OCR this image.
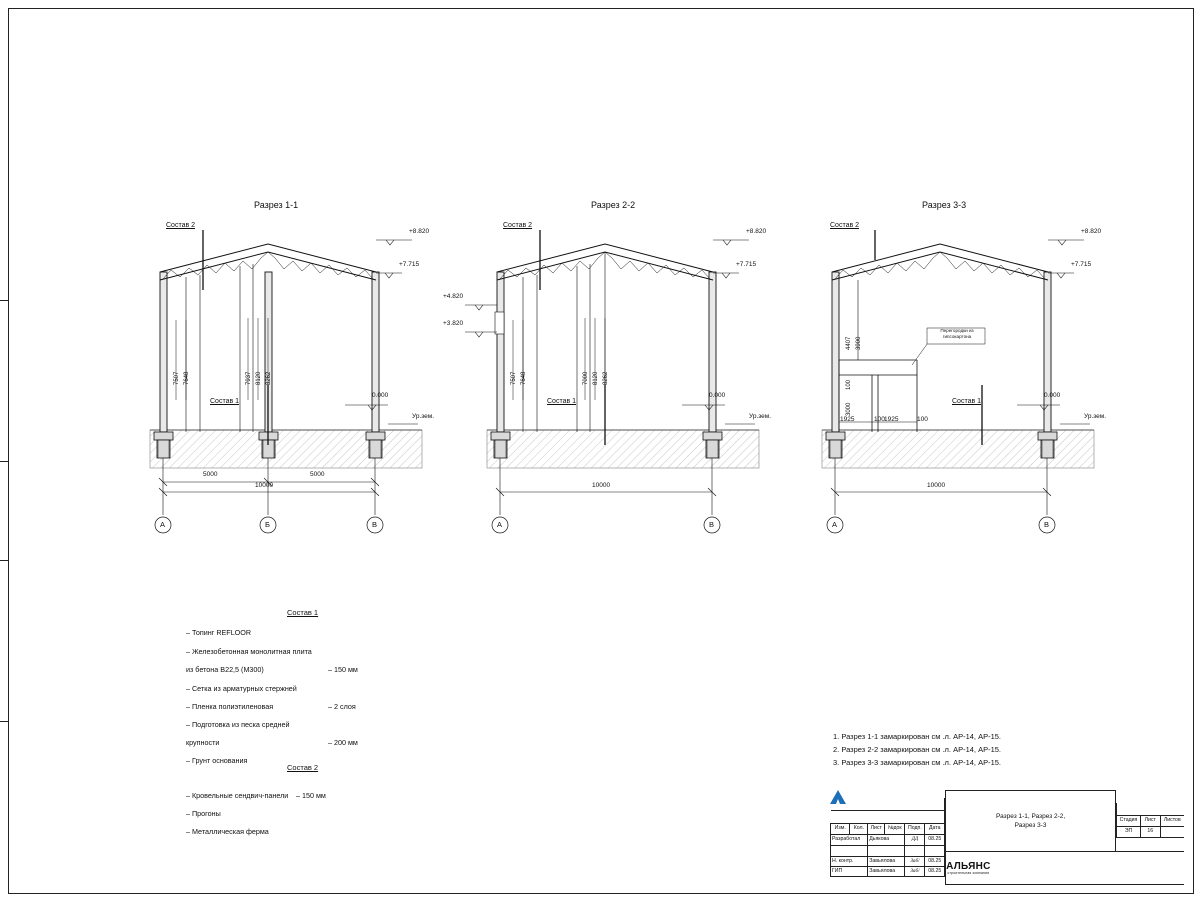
Разрез 1-1
Состав 2
Состав 1
+8.820
+7.715
0.000
Ур.зем.
7507 7648	7937 8120 8262
5000	5000
10000
А	Б	В
Разрез 2-2
Состав 2
Состав 1
+8.820
+7.715
0.000
Ур.зем.
+4.820
+3.820
7507 7648	7000 8120 8262
10000
А	В
Разрез 3-3
Состав 2
Состав 1
+8.820
+7.715
0.000
Ур.зем.
Перегородки из гипсокартона
4407 3900
3000
100
1925	100 1925	100
10000
А	В
Состав 1
– Топинг REFLOOR
– Железобетонная монолитная плита
из бетона В22,5 (М300)	– 150 мм
– Сетка из арматурных стержней
– Пленка полиэтиленовая	– 2 слоя
– Подготовка из песка средней
крупности	– 200 мм
– Грунт основания
Состав 2
– Кровельные сендвич-панели – 150 мм
– Прогоны
– Металлическая ферма
1. Разрез 1-1 замаркирован см .л. АР-14, АР-15.
2. Разрез 2-2 замаркирован см .л. АР-14, АР-15.
3. Разрез 3-3 замаркирован см .л. АР-14, АР-15.

Изм.	Кол.	Лист	№док	Подп.	Дата
Разработал	Дьякова	ДД	08.25

Н. контр.	Завьялова	Заб/	08.25
ГИП	Завьялова	Заб/	08.25

Разрез 1-1, Разрез 2-2,
Разрез 3-3

Стадия	Лист	Листов
ЭП	16	

АЛЬЯНС
строительная компания
